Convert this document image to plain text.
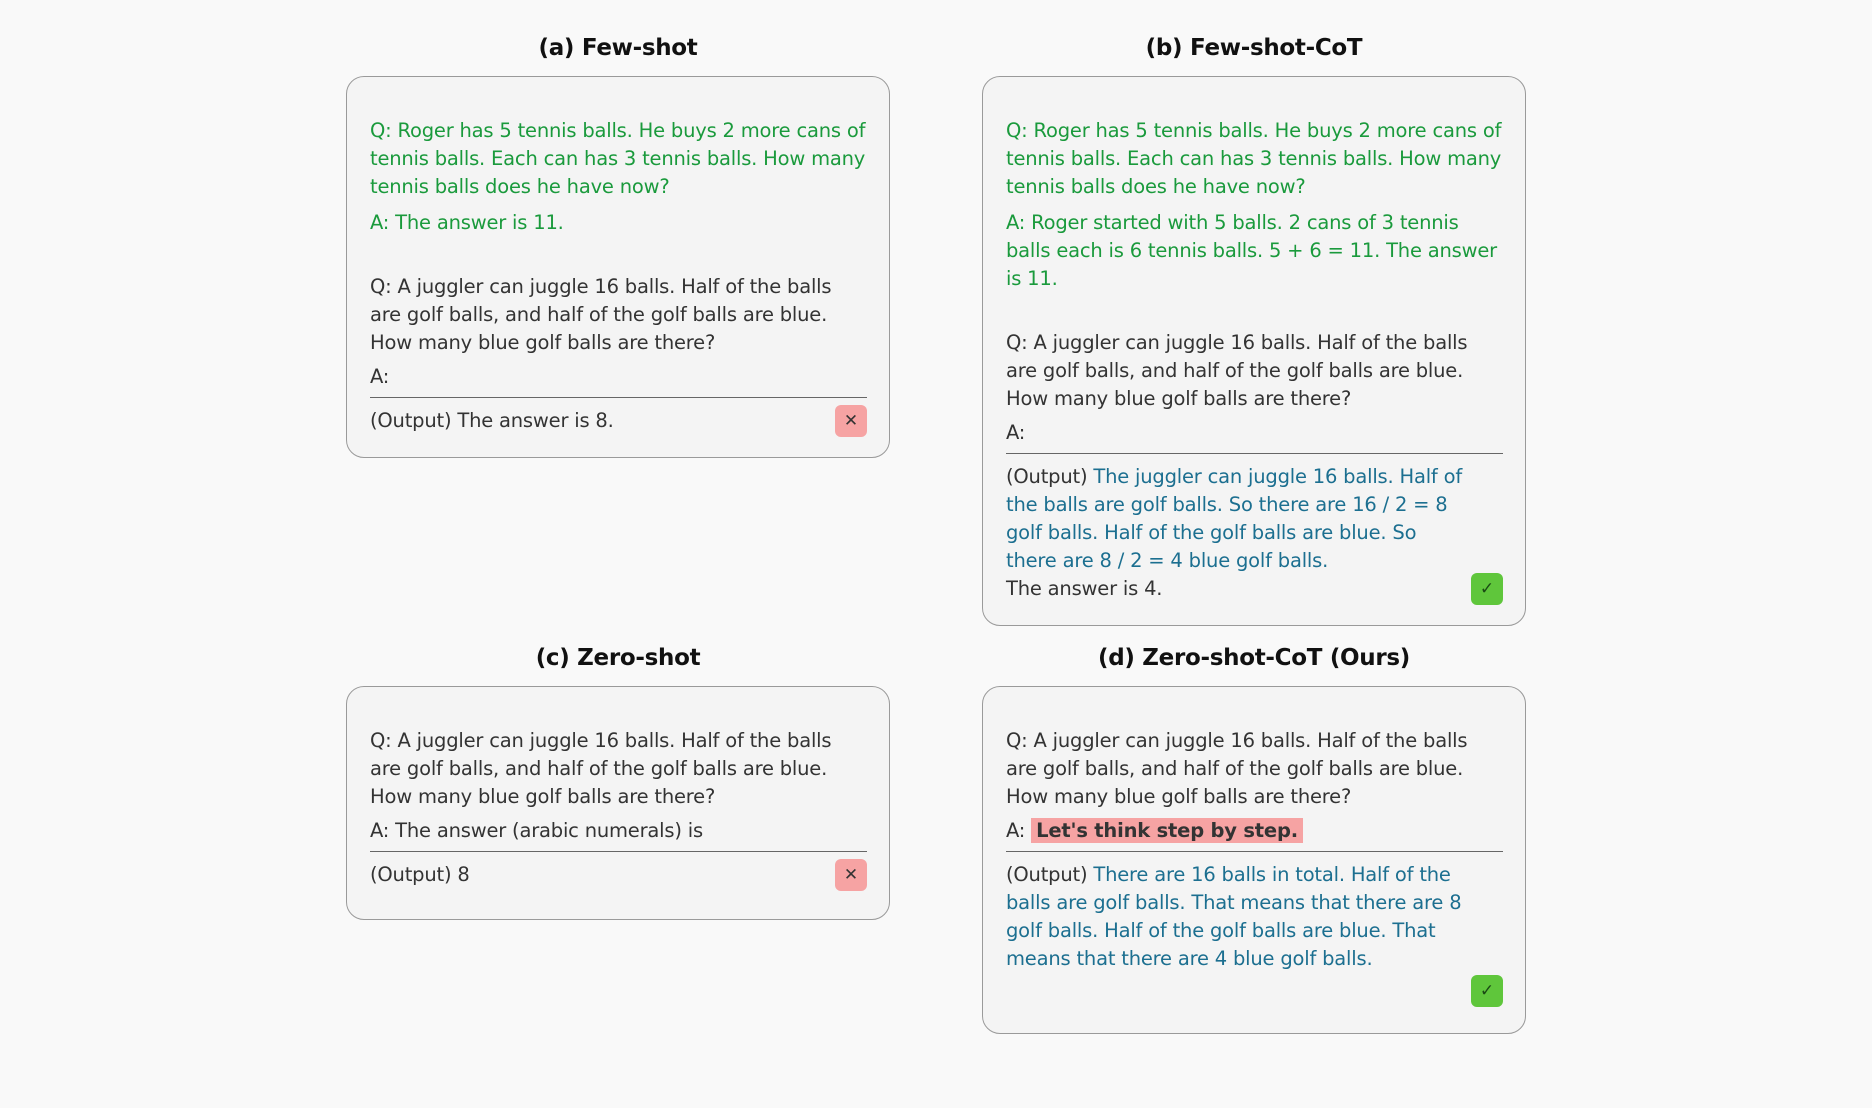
(a) Few-shot
Q: Roger has 5 tennis balls. He buys 2 more cans of tennis balls. Each can has 3 tennis balls. How many tennis balls does he have now?
A: The answer is 11.
Q: A juggler can juggle 16 balls. Half of the balls are golf balls, and half of the golf balls are blue. How many blue golf balls are there?
A:
(Output) The answer is 8.	✕
(b) Few-shot-CoT
Q: Roger has 5 tennis balls. He buys 2 more cans of tennis balls. Each can has 3 tennis balls. How many tennis balls does he have now?
A: Roger started with 5 balls. 2 cans of 3 tennis balls each is 6 tennis balls. 5 + 6 = 11. The answer is 11.
Q: A juggler can juggle 16 balls. Half of the balls are golf balls, and half of the golf balls are blue. How many blue golf balls are there?
A:
(Output) The juggler can juggle 16 balls. Half of the balls are golf balls. So there are 16 / 2 = 8 golf balls. Half of the golf balls are blue. So there are 8 / 2 = 4 blue golf balls.
The answer is 4.	✓
(c) Zero-shot
Q: A juggler can juggle 16 balls. Half of the balls are golf balls, and half of the golf balls are blue. How many blue golf balls are there?
A: The answer (arabic numerals) is
(Output) 8	✕
(d) Zero-shot-CoT (Ours)
Q: A juggler can juggle 16 balls. Half of the balls are golf balls, and half of the golf balls are blue. How many blue golf balls are there?
A: Let's think step by step.
(Output) There are 16 balls in total. Half of the balls are golf balls. That means that there are 8 golf balls. Half of the golf balls are blue. That means that there are 4 blue golf balls.
✓
